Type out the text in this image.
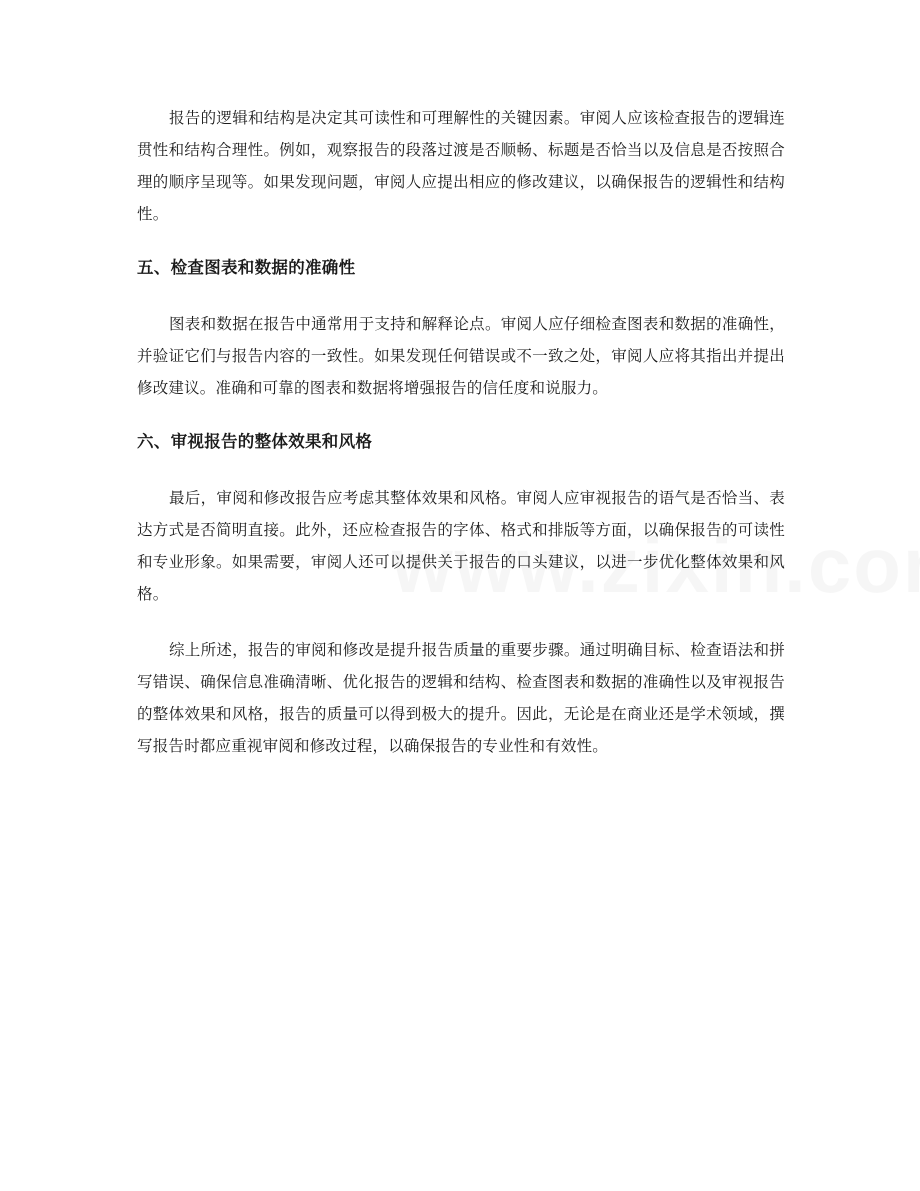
报告的逻辑和结构是决定其可读性和可理解性的关键因素。审阅人应该检查报告的逻辑连贯性和结构合理性。例如，观察报告的段落过渡是否顺畅、标题是否恰当以及信息是否按照合理的顺序呈现等。如果发现问题，审阅人应提出相应的修改建议，以确保报告的逻辑性和结构性。

五、检查图表和数据的准确性

图表和数据在报告中通常用于支持和解释论点。审阅人应仔细检查图表和数据的准确性，并验证它们与报告内容的一致性。如果发现任何错误或不一致之处，审阅人应将其指出并提出修改建议。准确和可靠的图表和数据将增强报告的信任度和说服力。

六、审视报告的整体效果和风格

最后，审阅和修改报告应考虑其整体效果和风格。审阅人应审视报告的语气是否恰当、表达方式是否简明直接。此外，还应检查报告的字体、格式和排版等方面，以确保报告的可读性和专业形象。如果需要，审阅人还可以提供关于报告的口头建议，以进一步优化整体效果和风格。

综上所述，报告的审阅和修改是提升报告质量的重要步骤。通过明确目标、检查语法和拼写错误、确保信息准确清晰、优化报告的逻辑和结构、检查图表和数据的准确性以及审视报告的整体效果和风格，报告的质量可以得到极大的提升。因此，无论是在商业还是学术领域，撰写报告时都应重视审阅和修改过程，以确保报告的专业性和有效性。
